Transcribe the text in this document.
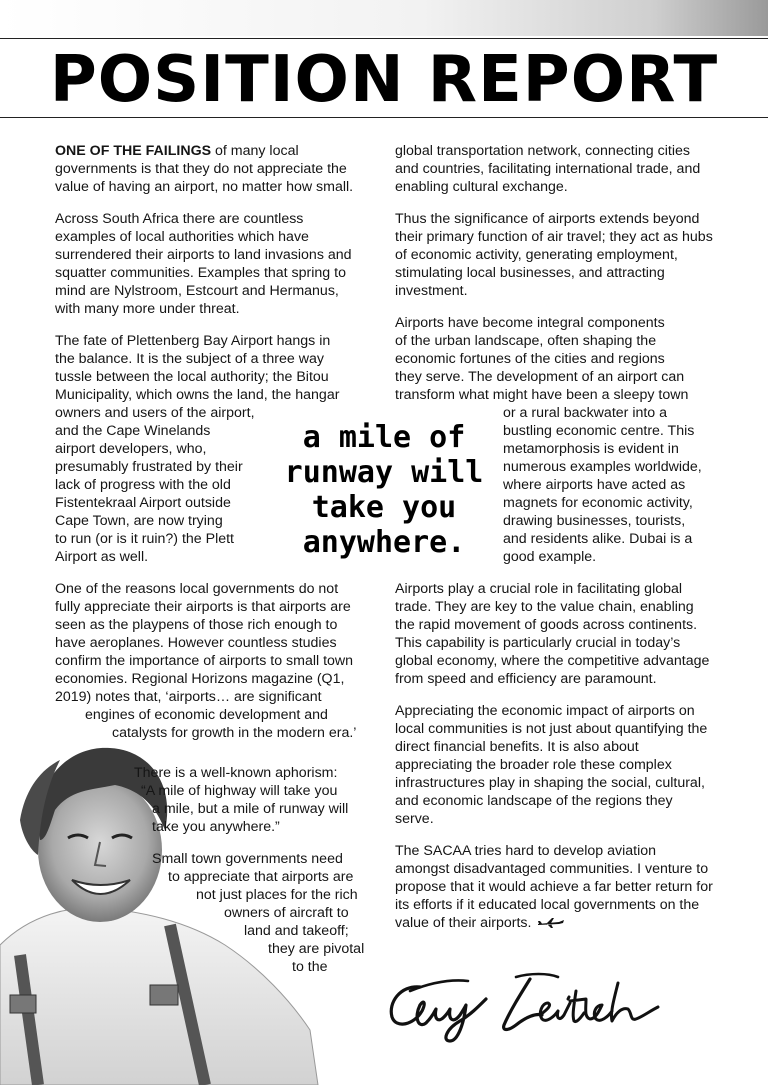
POSITION REPORT

ONE OF THE FAILINGS of many local governments is that they do not appreciate the value of having an airport, no matter how small.

Across South Africa there are countless examples of local authorities which have surrendered their airports to land invasions and squatter communities. Examples that spring to mind are Nylstroom, Estcourt and Hermanus, with many more under threat.

The fate of Plettenberg Bay Airport hangs in
the balance. It is the subject of a three way
tussle between the local authority; the Bitou
Municipality, which owns the land, the hangar
owners and users of the airport,
and the Cape Winelands
airport developers, who,
presumably frustrated by their
lack of progress with the old
Fistentekraal Airport outside
Cape Town, are now trying
to run (or is it ruin?) the Plett
Airport as well.

One of the reasons local governments do not
fully appreciate their airports is that airports are
seen as the playpens of those rich enough to
have aeroplanes. However countless studies
confirm the importance of airports to small town
economies. Regional Horizons magazine (Q1,
2019) notes that, ‘airports… are significant
engines of economic development and
catalysts for growth in the modern era.’

There is a well-known aphorism:
“A mile of highway will take you
a mile, but a mile of runway will
take you anywhere.”
Small town governments need
to appreciate that airports are
not just places for the rich
owners of aircraft to
land and takeoff;
they are pivotal
to the
a mile of
runway will
take you
anywhere.

global transportation network, connecting cities and countries, facilitating international trade, and enabling cultural exchange.

Thus the significance of airports extends beyond their primary function of air travel; they act as hubs of economic activity, generating employment, stimulating local businesses, and attracting investment.

Airports have become integral components
of the urban landscape, often shaping the
economic fortunes of the cities and regions
they serve. The development of an airport can
transform what might have been a sleepy town
or a rural backwater into a
bustling economic centre. This
metamorphosis is evident in
numerous examples worldwide,
where airports have acted as
magnets for economic activity,
drawing businesses, tourists,
and residents alike. Dubai is a
good example.

Airports play a crucial role in facilitating global trade. They are key to the value chain, enabling the rapid movement of goods across continents. This capability is particularly crucial in today’s global economy, where the competitive advantage from speed and efficiency are paramount.

Appreciating the economic impact of airports on local communities is not just about quantifying the direct financial benefits. It is also about appreciating the broader role these complex infrastructures play in shaping the social, cultural, and economic landscape of the regions they serve.

The SACAA tries hard to develop aviation amongst disadvantaged communities. I venture to propose that it would achieve a far better return for its efforts if it educated local governments on the value of their airports.
